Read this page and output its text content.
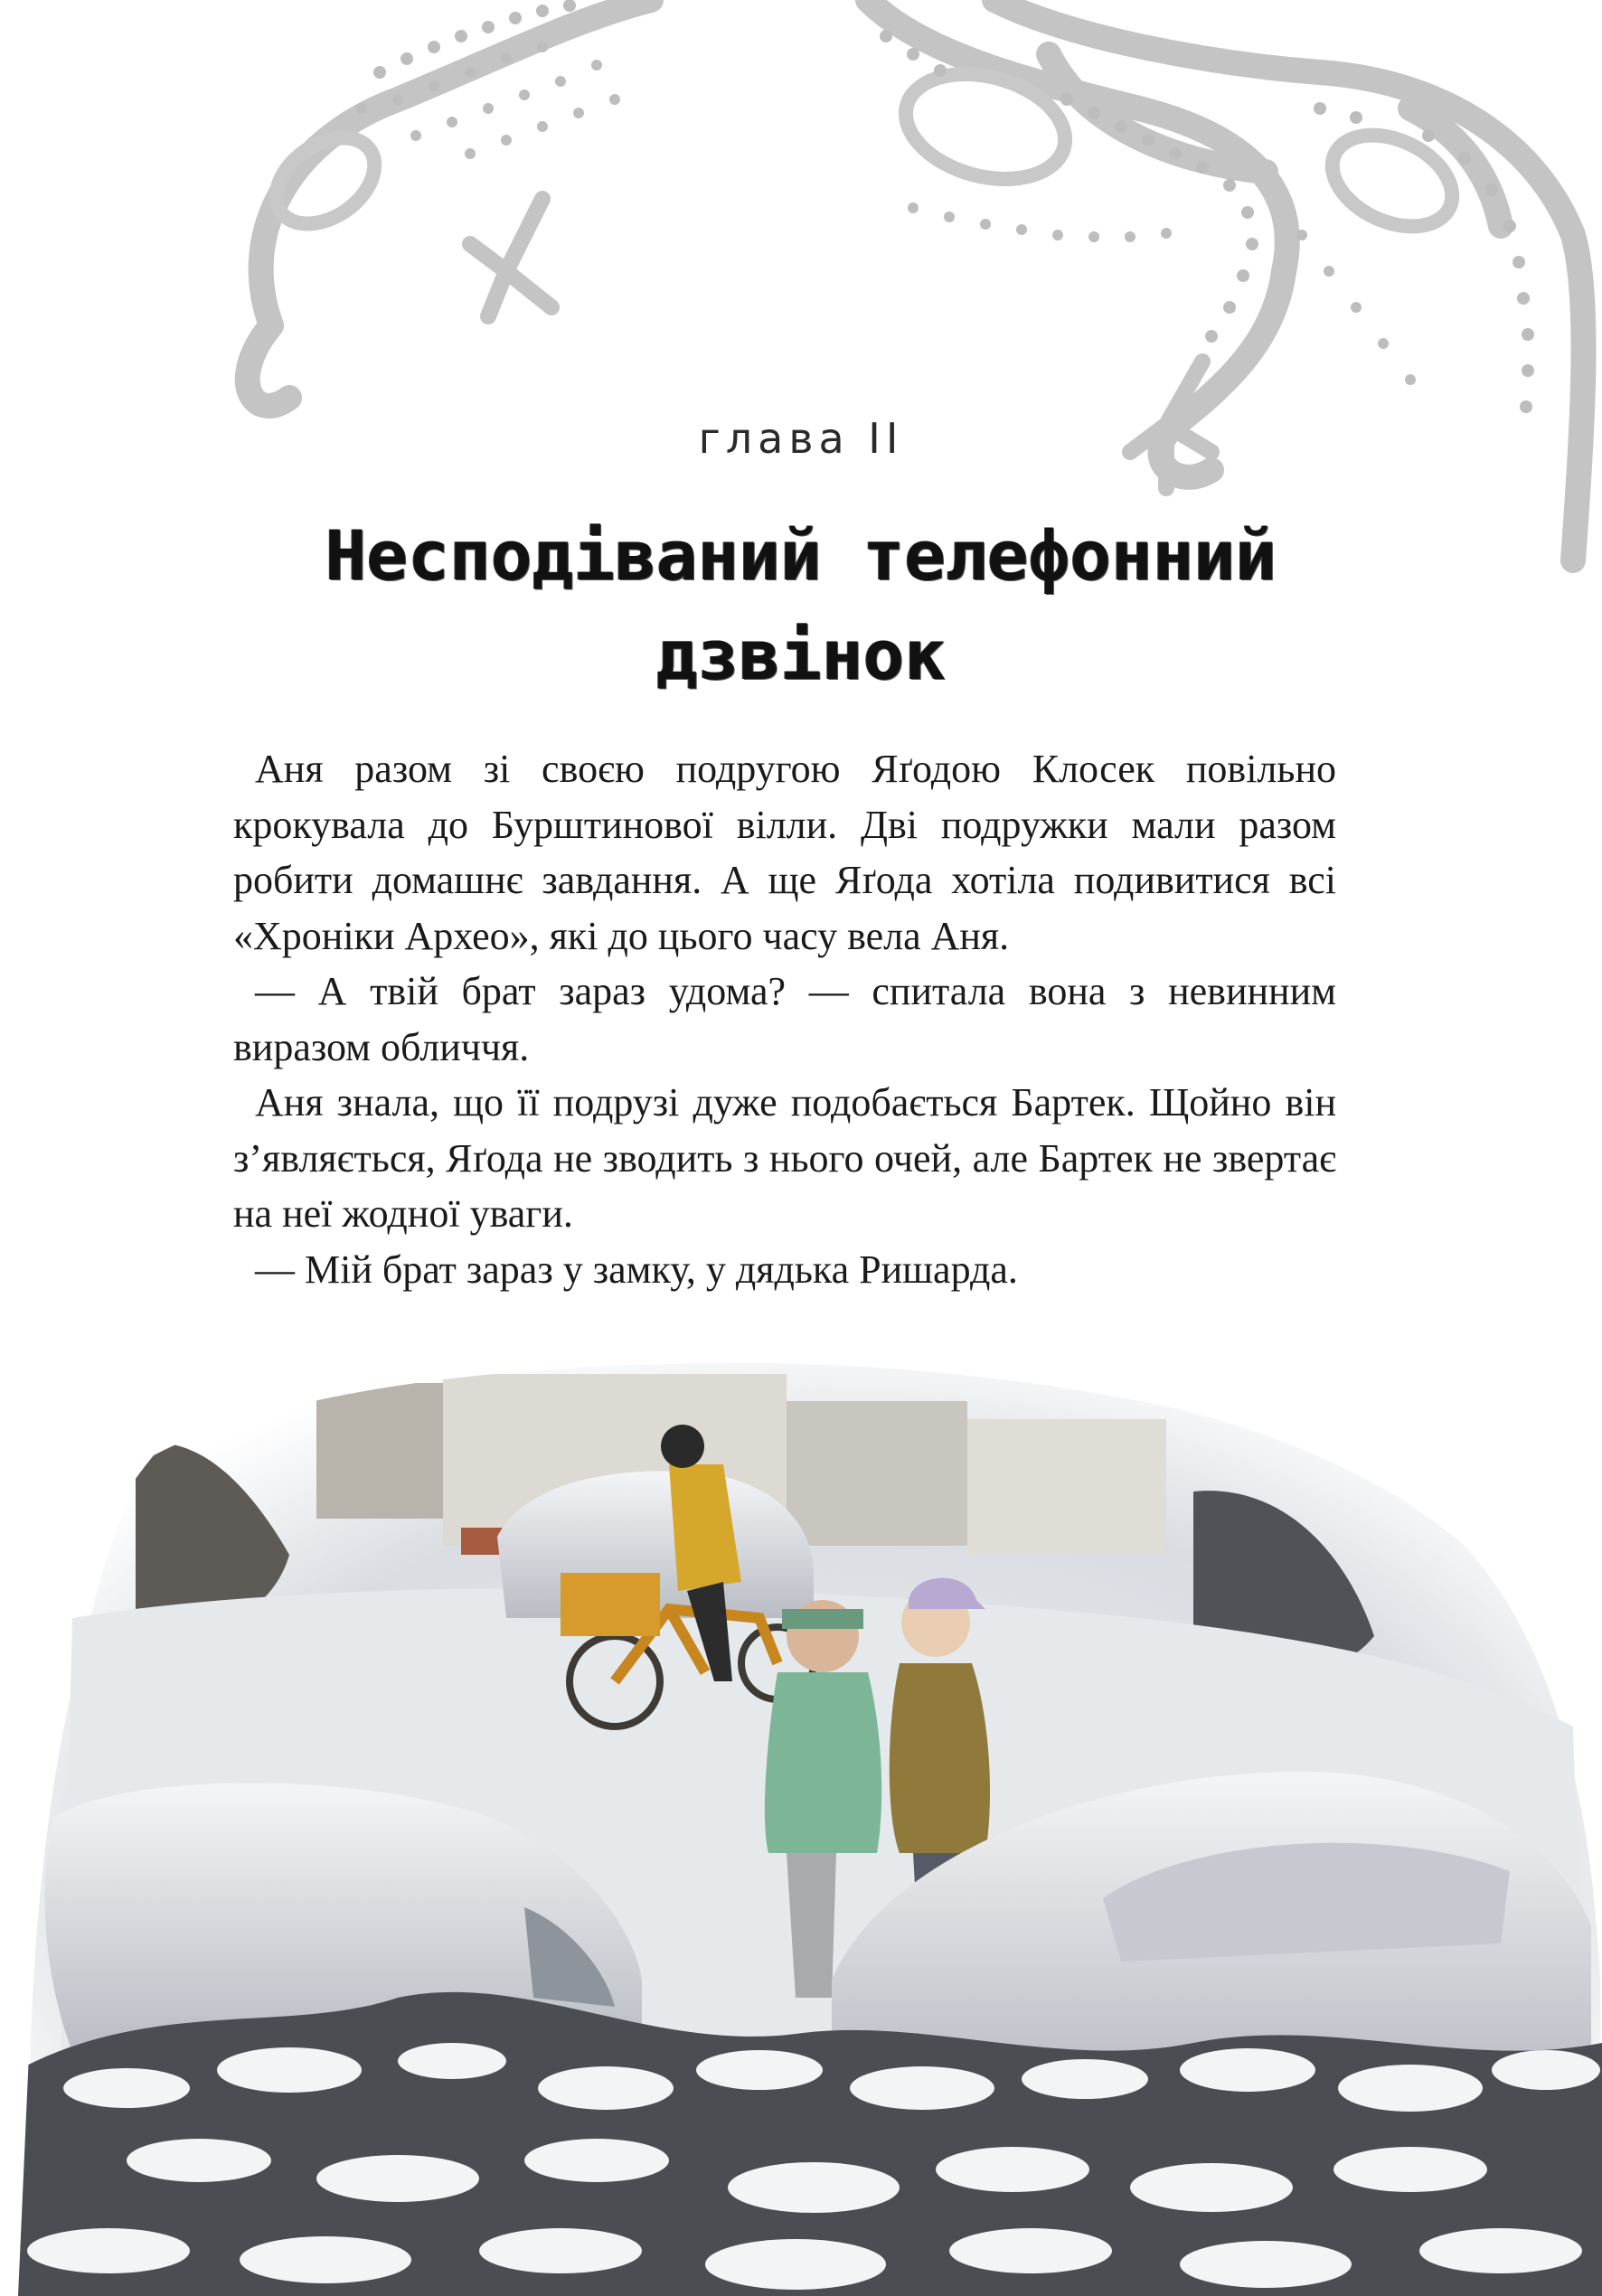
глава ІІ
Несподіваний телефонний
дзвінок

Аня разом зі своєю подругою Яґодою Клосек повільно крокувала до Бурштинової вілли. Дві подружки мали разом робити домашнє завдання. А ще Яґода хотіла подивитися всі «Хроніки Археo», які до цього часу вела Аня.

— А твій брат зараз удома? — спитала вона з невинним виразом обличчя.

Аня знала, що її подрузі дуже подобається Бартек. Щойно він з’являється, Яґода не зводить з нього очей, але Бартек не звертає на неї жодної уваги.

— Мій брат зараз у замку, у дядька Ришарда.
